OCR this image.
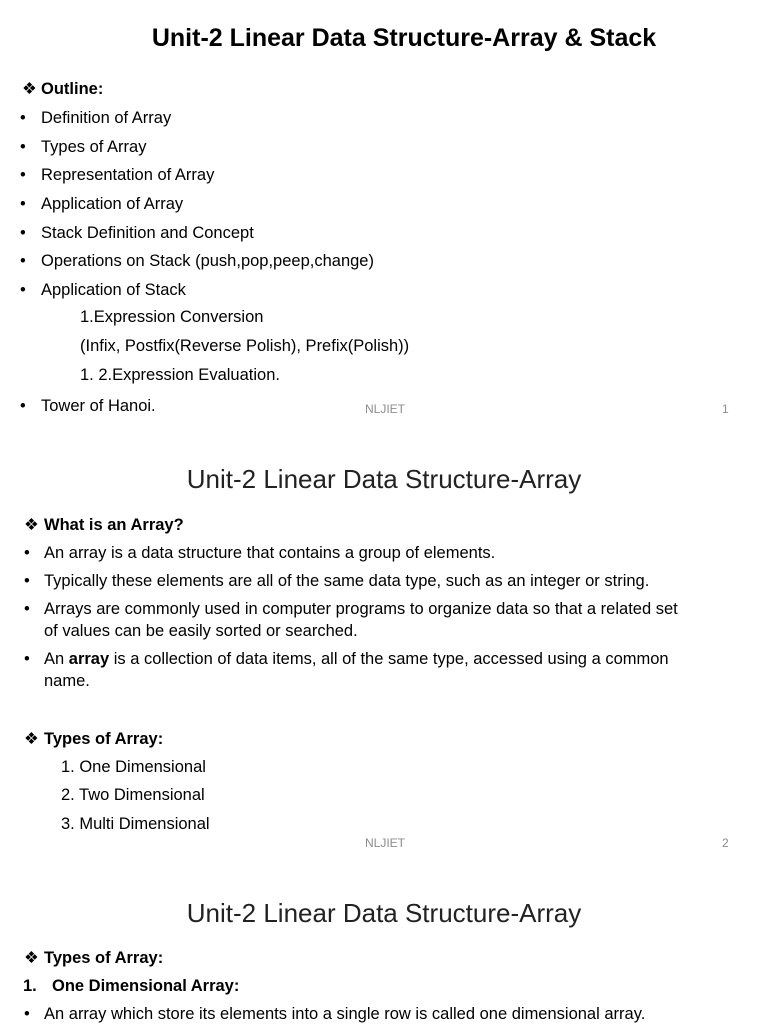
Unit-2 Linear Data Structure-Array & Stack
❖ Outline:
• Definition of Array
• Types of Array
• Representation of Array
• Application of Array
• Stack Definition and Concept
• Operations on Stack (push,pop,peep,change)
• Application of Stack
1.Expression Conversion
(Infix, Postfix(Reverse Polish), Prefix(Polish))
1. 2.Expression Evaluation.
• Tower of Hanoi.	NLJIET	1
Unit-2 Linear Data Structure-Array
❖ What is an Array?
• An array is a data structure that contains a group of elements.
• Typically these elements are all of the same data type, such as an integer or string.
• Arrays are commonly used in computer programs to organize data so that a related set of values can be easily sorted or searched.
• An array is a collection of data items, all of the same type, accessed using a common name.
❖ Types of Array:
1. One Dimensional
2. Two Dimensional
3. Multi Dimensional
NLJIET	2
Unit-2 Linear Data Structure-Array
❖ Types of Array:
1. One Dimensional Array:
• An array which store its elements into a single row is called one dimensional array.
